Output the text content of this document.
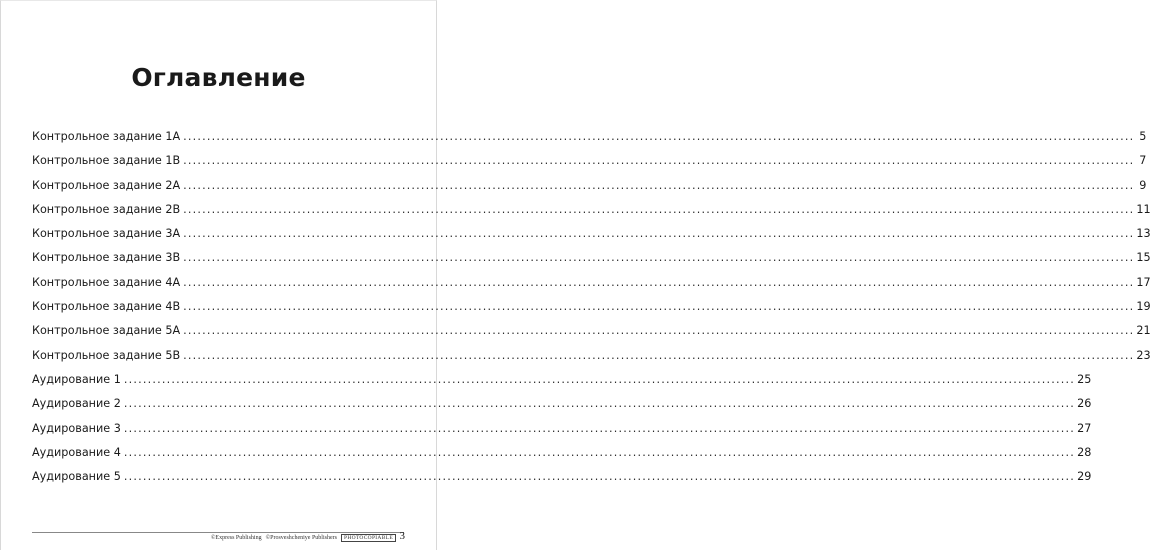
Оглавление
Контрольное задание 1A ........................................................................................................................................................................................................ 5
Контрольное задание 1B ........................................................................................................................................................................................................ 7
Контрольное задание 2A ........................................................................................................................................................................................................ 9
Контрольное задание 2B ........................................................................................................................................................................................................ 11
Контрольное задание 3A ........................................................................................................................................................................................................ 13
Контрольное задание 3B ........................................................................................................................................................................................................ 15
Контрольное задание 4A ........................................................................................................................................................................................................ 17
Контрольное задание 4B ........................................................................................................................................................................................................ 19
Контрольное задание 5A ........................................................................................................................................................................................................ 21
Контрольное задание 5B ........................................................................................................................................................................................................ 23
Аудирование 1 ........................................................................................................................................................................................................ 25
Аудирование 2 ........................................................................................................................................................................................................ 26
Аудирование 3 ........................................................................................................................................................................................................ 27
Аудирование 4 ........................................................................................................................................................................................................ 28
Аудирование 5 ........................................................................................................................................................................................................ 29
©Express Publishing ©Prosveshcheniye Publishers	PHOTOCOPIABLE 3
